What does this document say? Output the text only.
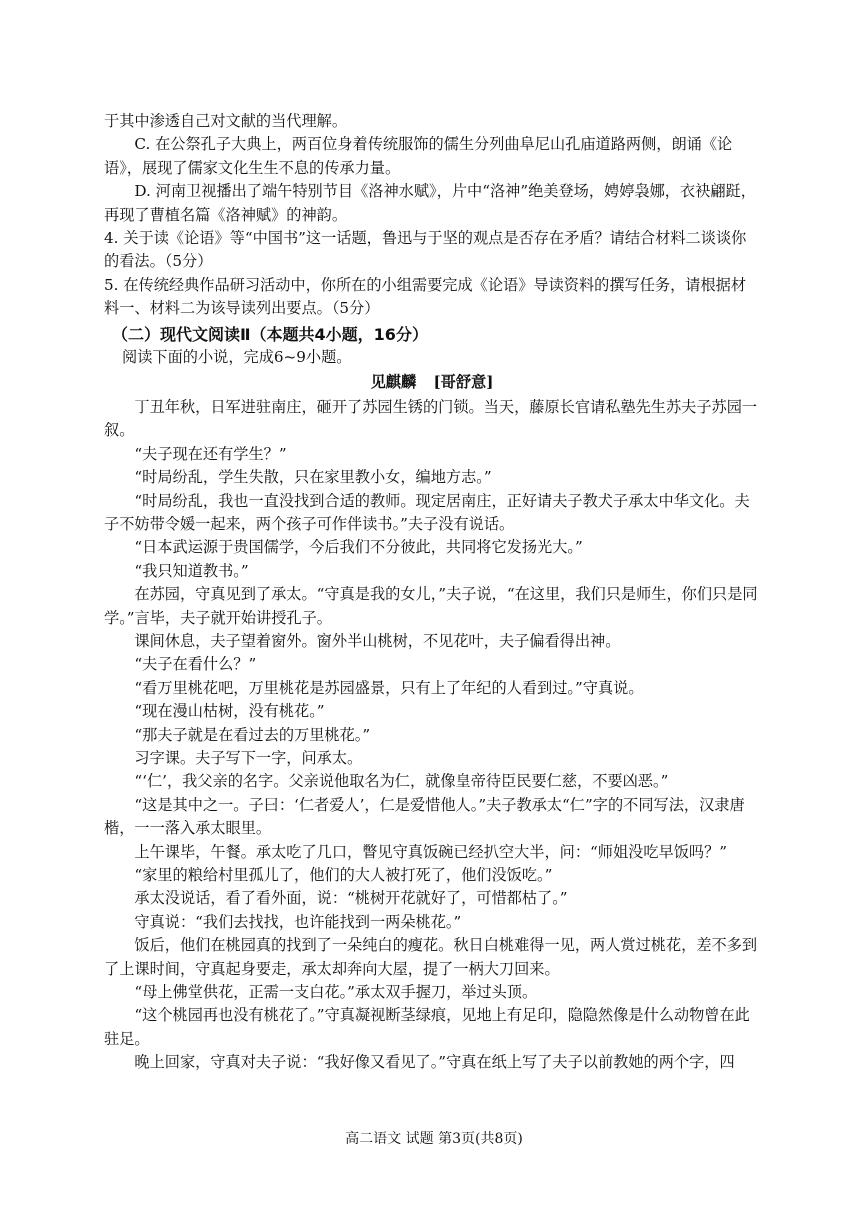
于其中渗透自己对文献的当代理解。

C. 在公祭孔子大典上，两百位身着传统服饰的儒生分列曲阜尼山孔庙道路两侧，朗诵《论语》，展现了儒家文化生生不息的传承力量。

D. 河南卫视播出了端午特别节目《洛神水赋》，片中“洛神”绝美登场，娉婷袅娜，衣袂翩跹，再现了曹植名篇《洛神赋》的神韵。

4. 关于读《论语》等“中国书”这一话题，鲁迅与于坚的观点是否存在矛盾？请结合材料二谈谈你的看法。（5分）

5. 在传统经典作品研习活动中，你所在的小组需要完成《论语》导读资料的撰写任务，请根据材料一、材料二为该导读列出要点。（5分）

（二）现代文阅读Ⅱ（本题共4小题，16分）

阅读下面的小说，完成6~9小题。

见麒麟 [哥舒意]

丁丑年秋，日军进驻南庄，砸开了苏园生锈的门锁。当天，藤原长官请私塾先生苏夫子苏园一叙。

“夫子现在还有学生？”

“时局纷乱，学生失散，只在家里教小女，编地方志。”

“时局纷乱，我也一直没找到合适的教师。现定居南庄，正好请夫子教犬子承太中华文化。夫子不妨带令媛一起来，两个孩子可作伴读书。”夫子没有说话。

“日本武运源于贵国儒学，今后我们不分彼此，共同将它发扬光大。”

“我只知道教书。”

在苏园，守真见到了承太。“守真是我的女儿，”夫子说，“在这里，我们只是师生，你们只是同学。”言毕，夫子就开始讲授孔子。

课间休息，夫子望着窗外。窗外半山桃树，不见花叶，夫子偏看得出神。

“夫子在看什么？”

“看万里桃花吧，万里桃花是苏园盛景，只有上了年纪的人看到过。”守真说。

“现在漫山枯树，没有桃花。”

“那夫子就是在看过去的万里桃花。”

习字课。夫子写下一字，问承太。

“‘仁’，我父亲的名字。父亲说他取名为仁，就像皇帝待臣民要仁慈，不要凶恶。”

“这是其中之一。子曰：‘仁者爱人’，仁是爱惜他人。”夫子教承太“仁”字的不同写法，汉隶唐楷，一一落入承太眼里。

上午课毕，午餐。承太吃了几口，瞥见守真饭碗已经扒空大半，问：“师姐没吃早饭吗？”

“家里的粮给村里孤儿了，他们的大人被打死了，他们没饭吃。”

承太没说话，看了看外面，说：“桃树开花就好了，可惜都枯了。”

守真说：“我们去找找，也许能找到一两朵桃花。”

饭后，他们在桃园真的找到了一朵纯白的瘦花。秋日白桃难得一见，两人赏过桃花，差不多到了上课时间，守真起身要走，承太却奔向大屋，提了一柄大刀回来。

“母上佛堂供花，正需一支白花。”承太双手握刀，举过头顶。

“这个桃园再也没有桃花了。”守真凝视断茎绿痕，见地上有足印，隐隐然像是什么动物曾在此驻足。

晚上回家，守真对夫子说：“我好像又看见了。”守真在纸上写了夫子以前教她的两个字，四

高二语文 试题 第3页(共8页)
